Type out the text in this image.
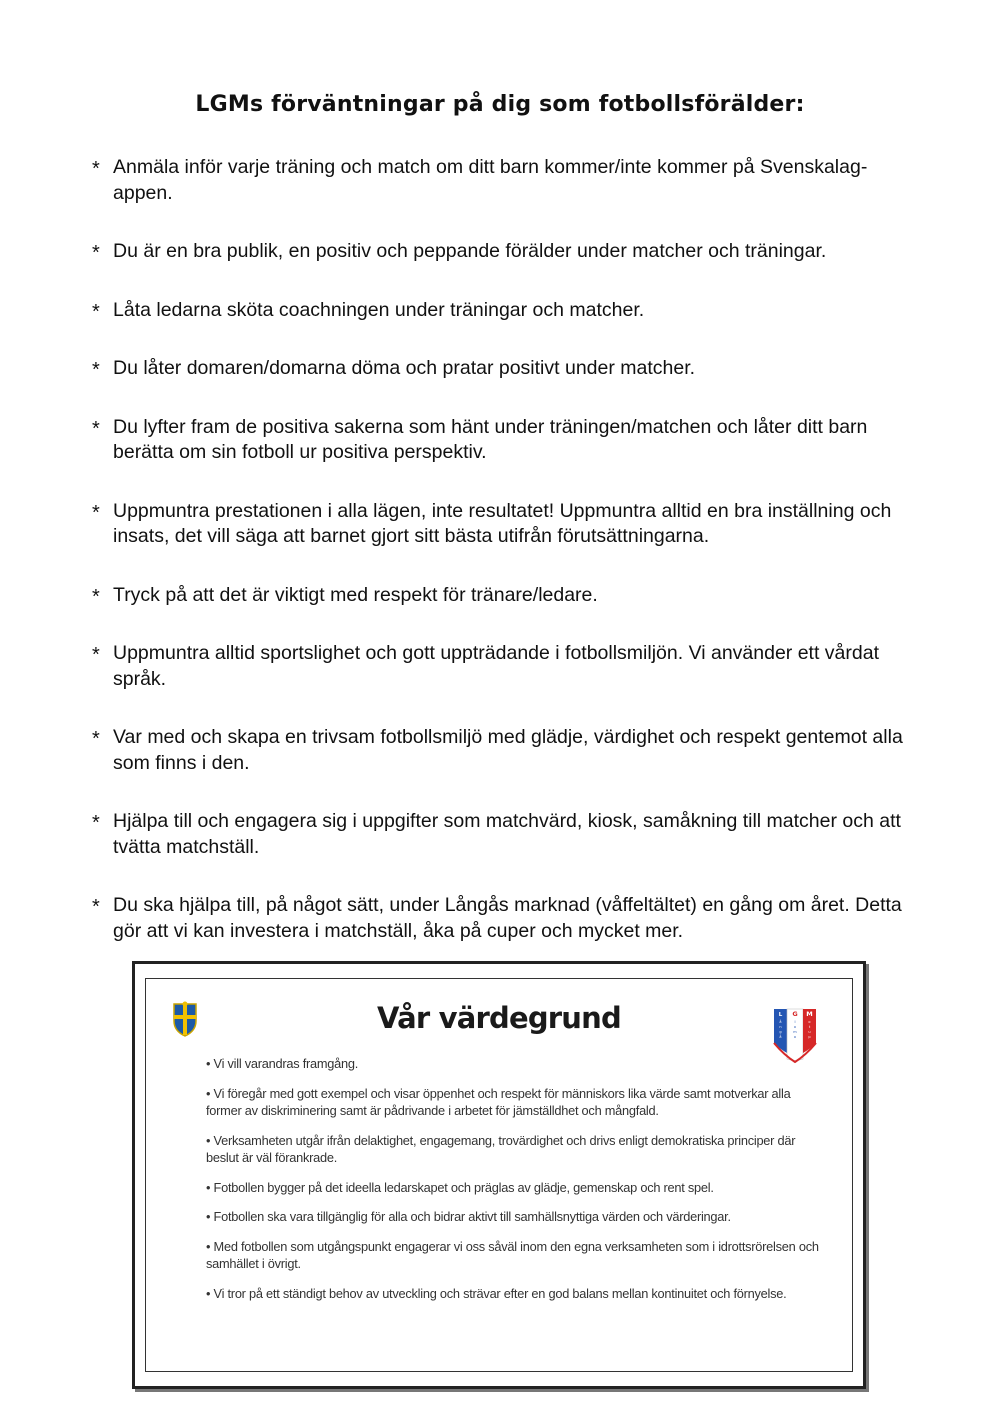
LGMs förväntningar på dig som fotbollsförälder:
* Anmäla inför varje träning och match om ditt barn kommer/inte kommer på Svenskalag-appen.
* Du är en bra publik, en positiv och peppande förälder under matcher och träningar.
* Låta ledarna sköta coachningen under träningar och matcher.
* Du låter domaren/domarna döma och pratar positivt under matcher.
* Du lyfter fram de positiva sakerna som hänt under träningen/matchen och låter ditt barn berätta om sin fotboll ur positiva perspektiv.
* Uppmuntra prestationen i alla lägen, inte resultatet! Uppmuntra alltid en bra inställning och insats, det vill säga att barnet gjort sitt bästa utifrån förutsättningarna.
* Tryck på att det är viktigt med respekt för tränare/ledare.
* Uppmuntra alltid sportslighet och gott uppträdande i fotbollsmiljön. Vi använder ett vårdat språk.
* Var med och skapa en trivsam fotbollsmiljö med glädje, värdighet och respekt gentemot alla som finns i den.
* Hjälpa till och engagera sig i uppgifter som matchvärd, kiosk, samåkning till matcher och att tvätta matchställ.
* Du ska hjälpa till, på något sätt, under Långås marknad (våffeltältet) en gång om året. Detta gör att vi kan investera i matchställ, åka på cuper och mycket mer.
Vår värdegrund	L G M
å
n
g
å
I
o
m
o
o
t
u
p
• Vi vill varandras framgång.
• Vi föregår med gott exempel och visar öppenhet och respekt för människors lika värde samt motverkar alla former av diskriminering samt är pådrivande i arbetet för jämställdhet och mångfald.
• Verksamheten utgår ifrån delaktighet, engagemang, trovärdighet och drivs enligt demokratiska principer där beslut är väl förankrade.
• Fotbollen bygger på det ideella ledarskapet och präglas av glädje, gemenskap och rent spel.
• Fotbollen ska vara tillgänglig för alla och bidrar aktivt till samhällsnyttiga värden och värderingar.
• Med fotbollen som utgångspunkt engagerar vi oss såväl inom den egna verksamheten som i idrottsrörelsen och samhället i övrigt.
• Vi tror på ett ständigt behov av utveckling och strävar efter en god balans mellan kontinuitet och förnyelse.
